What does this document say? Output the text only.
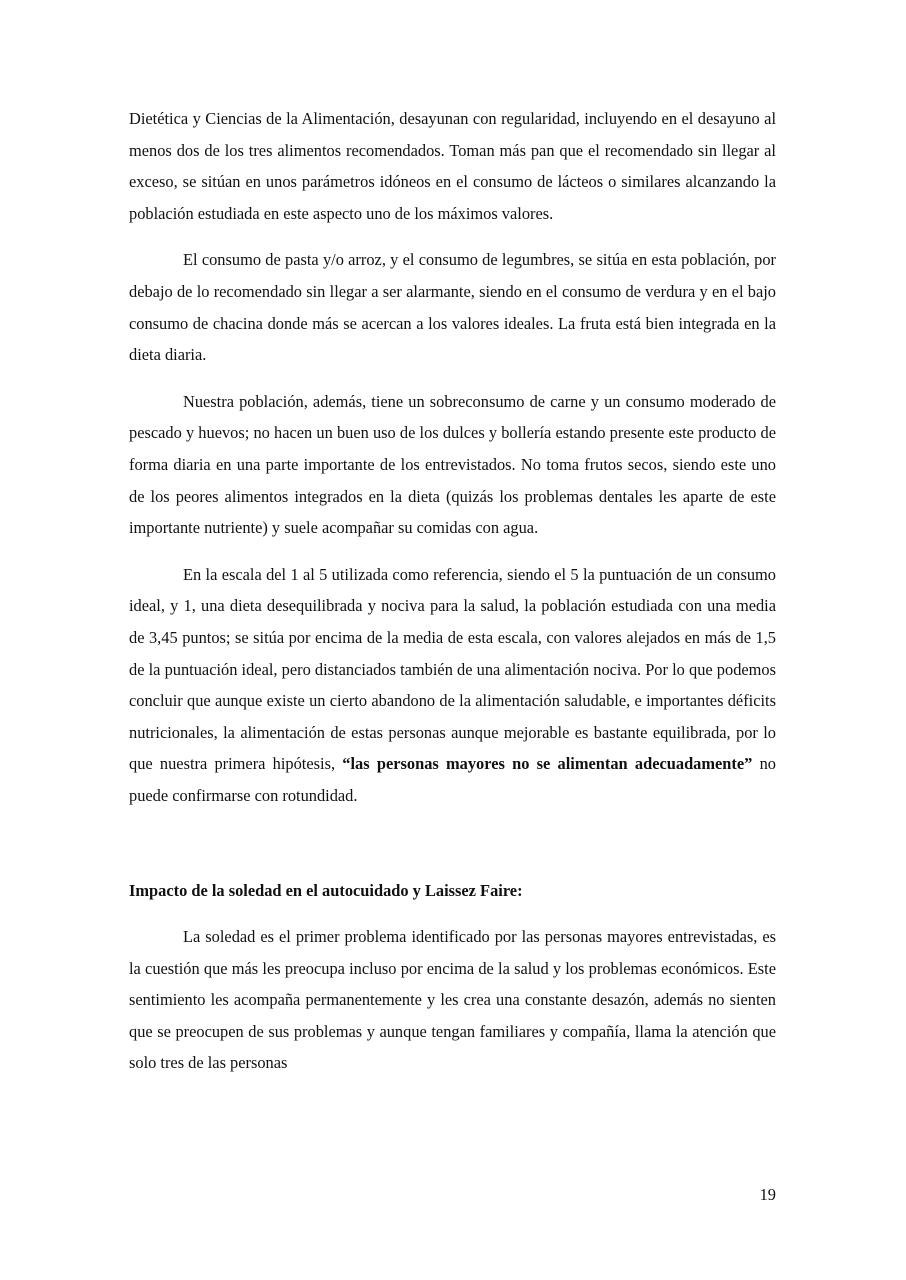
Dietética y Ciencias de la Alimentación, desayunan con regularidad, incluyendo en el desayuno al menos dos de los tres alimentos recomendados. Toman más pan que el recomendado sin llegar al exceso, se sitúan en unos parámetros idóneos en el consumo de lácteos o similares alcanzando la población estudiada en este aspecto uno de los máximos valores.

El consumo de pasta y/o arroz, y el consumo de legumbres, se sitúa en esta población, por debajo de lo recomendado sin llegar a ser alarmante, siendo en el consumo de verdura y en el bajo consumo de chacina donde más se acercan a los valores ideales. La fruta está bien integrada en la dieta diaria.

Nuestra población, además, tiene un sobreconsumo de carne y un consumo moderado de pescado y huevos; no hacen un buen uso de los dulces y bollería estando presente este producto de forma diaria en una parte importante de los entrevistados. No toma frutos secos, siendo este uno de los peores alimentos integrados en la dieta (quizás los problemas dentales les aparte de este importante nutriente) y suele acompañar su comidas con agua.

En la escala del 1 al 5 utilizada como referencia, siendo el 5 la puntuación de un consumo ideal, y 1, una dieta desequilibrada y nociva para la salud, la población estudiada con una media de 3,45 puntos; se sitúa por encima de la media de esta escala, con valores alejados en más de 1,5 de la puntuación ideal, pero distanciados también de una alimentación nociva. Por lo que podemos concluir que aunque existe un cierto abandono de la alimentación saludable, e importantes déficits nutricionales, la alimentación de estas personas aunque mejorable es bastante equilibrada, por lo que nuestra primera hipótesis, “las personas mayores no se alimentan adecuadamente” no puede confirmarse con rotundidad.

Impacto de la soledad en el autocuidado y Laissez Faire:

La soledad es el primer problema identificado por las personas mayores entrevistadas, es la cuestión que más les preocupa incluso por encima de la salud y los problemas económicos. Este sentimiento les acompaña permanentemente y les crea una constante desazón, además no sienten que se preocupen de sus problemas y aunque tengan familiares y compañía, llama la atención que solo tres de las personas

19
